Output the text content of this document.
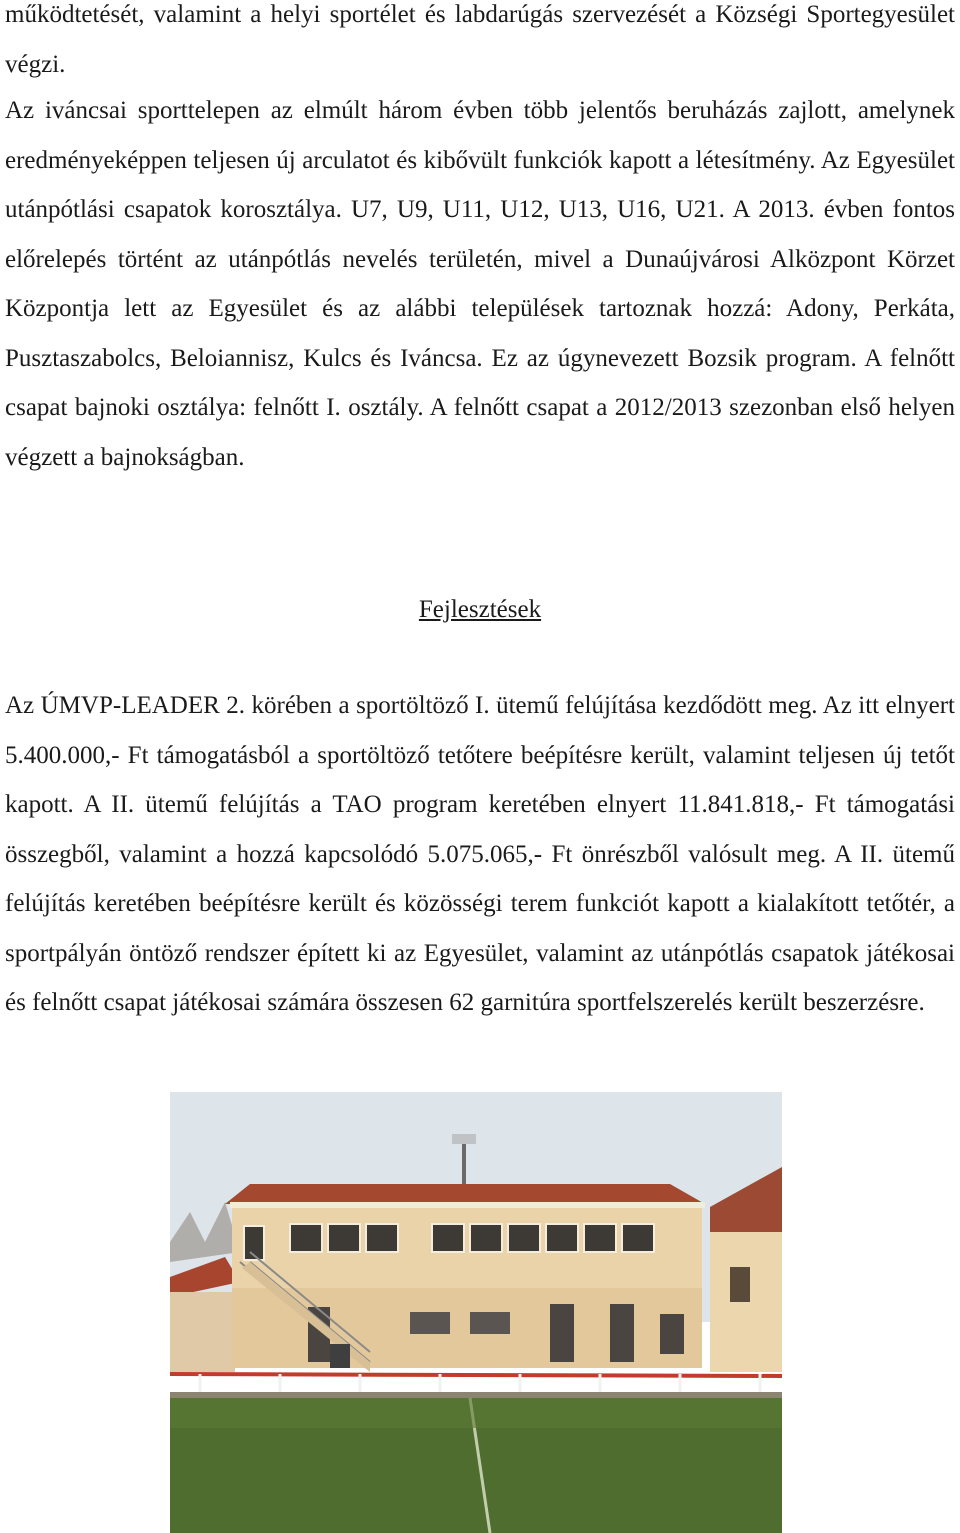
működtetését, valamint a helyi sportélet és labdarúgás szervezését a Községi Sportegyesület végzi.

Az iváncsai sporttelepen az elmúlt három évben több jelentős beruházás zajlott, amelynek eredményeképpen teljesen új arculatot és kibővült funkciók kapott a létesítmény. Az Egyesület utánpótlási csapatok korosztálya. U7, U9, U11, U12, U13, U16, U21. A 2013. évben fontos előrelepés történt az utánpótlás nevelés területén, mivel a Dunaújvárosi Alközpont Körzet Központja lett az Egyesület és az alábbi települések tartoznak hozzá: Adony, Perkáta, Pusztaszabolcs, Beloiannisz, Kulcs és Iváncsa. Ez az úgynevezett Bozsik program. A felnőtt csapat bajnoki osztálya: felnőtt I. osztály. A felnőtt csapat a 2012/2013 szezonban első helyen végzett a bajnokságban.

Fejlesztések

Az ÚMVP-LEADER 2. körében a sportöltöző I. ütemű felújítása kezdődött meg. Az itt elnyert 5.400.000,- Ft támogatásból a sportöltöző tetőtere beépítésre került, valamint teljesen új tetőt kapott. A II. ütemű felújítás a TAO program keretében elnyert 11.841.818,- Ft támogatási összegből, valamint a hozzá kapcsolódó 5.075.065,- Ft önrészből valósult meg. A II. ütemű felújítás keretében beépítésre került és közösségi terem funkciót kapott a kialakított tetőtér, a sportpályán öntöző rendszer épített ki az Egyesület, valamint az utánpótlás csapatok játékosai és felnőtt csapat játékosai számára összesen 62 garnitúra sportfelszerelés került beszerzésre.
